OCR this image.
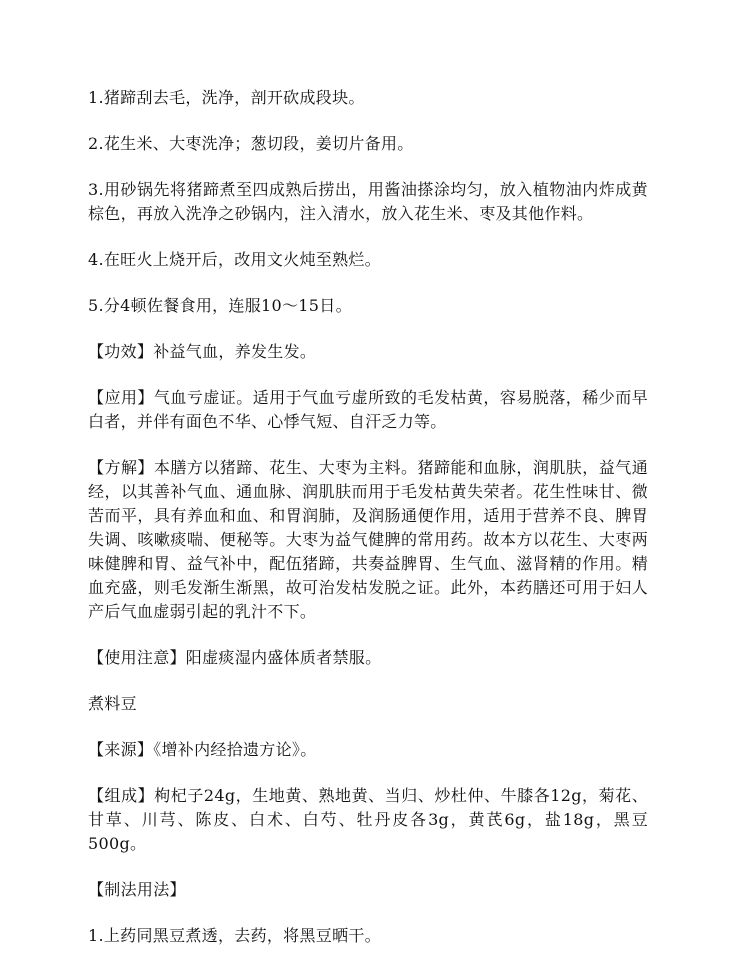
1.猪蹄刮去毛，洗净，剖开砍成段块。

2.花生米、大枣洗净；葱切段，姜切片备用。

3.用砂锅先将猪蹄煮至四成熟后捞出，用酱油搽涂均匀，放入植物油内炸成黄棕色，再放入洗净之砂锅内，注入清水，放入花生米、枣及其他作料。

4.在旺火上烧开后，改用文火炖至熟烂。

5.分4顿佐餐食用，连服10～15日。

【功效】补益气血，养发生发。

【应用】气血亏虚证。适用于气血亏虚所致的毛发枯黄，容易脱落，稀少而早白者，并伴有面色不华、心悸气短、自汗乏力等。

【方解】本膳方以猪蹄、花生、大枣为主料。猪蹄能和血脉，润肌肤，益气通经，以其善补气血、通血脉、润肌肤而用于毛发枯黄失荣者。花生性味甘、微苦而平，具有养血和血、和胃润肺，及润肠通便作用，适用于营养不良、脾胃失调、咳嗽痰喘、便秘等。大枣为益气健脾的常用药。故本方以花生、大枣两味健脾和胃、益气补中，配伍猪蹄，共奏益脾胃、生气血、滋肾精的作用。精血充盛，则毛发渐生渐黑，故可治发枯发脱之证。此外，本药膳还可用于妇人产后气血虚弱引起的乳汁不下。

【使用注意】阳虚痰湿内盛体质者禁服。

煮料豆

【来源】《增补内经拾遗方论》。

【组成】枸杞子24g，生地黄、熟地黄、当归、炒杜仲、牛膝各12g，菊花、甘草、川芎、陈皮、白术、白芍、牡丹皮各3g，黄芪6g，盐18g，黑豆500g。

【制法用法】

1.上药同黑豆煮透，去药，将黑豆晒干。
